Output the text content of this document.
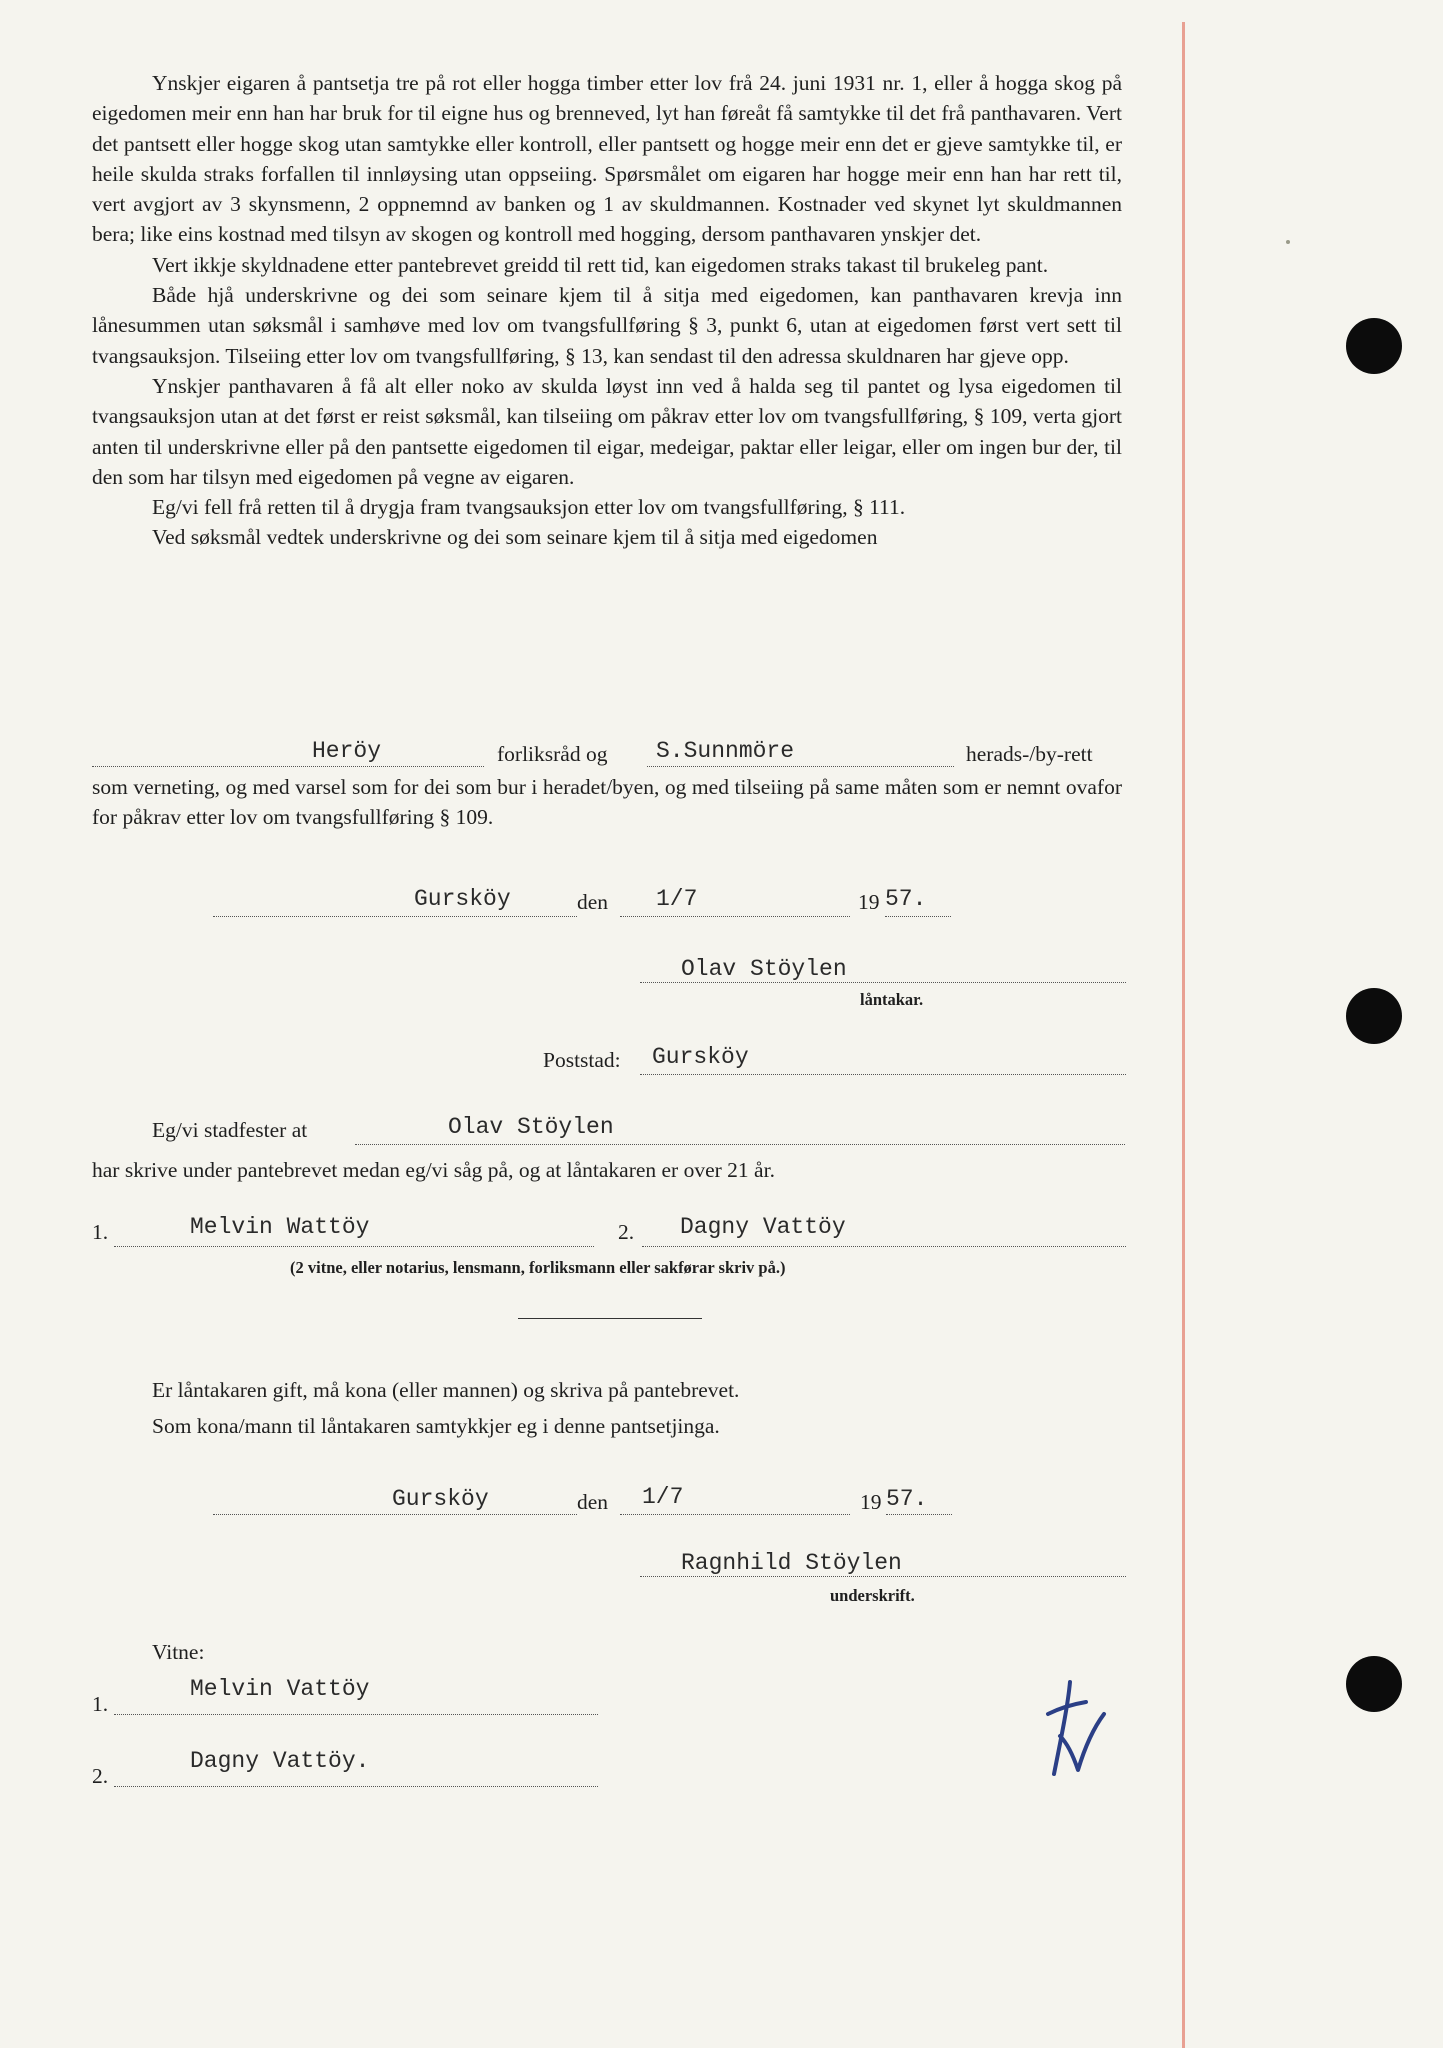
Ynskjer eigaren å pantsetja tre på rot eller hogga timber etter lov frå 24. juni 1931 nr. 1, eller å hogga skog på eigedomen meir enn han har bruk for til eigne hus og brenneved, lyt han føreåt få samtykke til det frå panthavaren. Vert det pantsett eller hogge skog utan samtykke eller kontroll, eller pantsett og hogge meir enn det er gjeve samtykke til, er heile skulda straks forfallen til innløysing utan oppseiing. Spørsmålet om eigaren har hogge meir enn han har rett til, vert avgjort av 3 skynsmenn, 2 oppnemnd av banken og 1 av skuldmannen. Kostnader ved skynet lyt skuldmannen bera; like eins kostnad med tilsyn av skogen og kontroll med hogging, dersom panthavaren ynskjer det.

Vert ikkje skyldnadene etter pantebrevet greidd til rett tid, kan eigedomen straks takast til brukeleg pant.

Både hjå underskrivne og dei som seinare kjem til å sitja med eigedomen, kan panthavaren krevja inn lånesummen utan søksmål i samhøve med lov om tvangsfullføring § 3, punkt 6, utan at eigedomen først vert sett til tvangsauksjon. Tilseiing etter lov om tvangsfullføring, § 13, kan sendast til den adressa skuldnaren har gjeve opp.

Ynskjer panthavaren å få alt eller noko av skulda løyst inn ved å halda seg til pantet og lysa eigedomen til tvangsauksjon utan at det først er reist søksmål, kan tilseiing om påkrav etter lov om tvangsfullføring, § 109, verta gjort anten til underskrivne eller på den pantsette eigedomen til eigar, medeigar, paktar eller leigar, eller om ingen bur der, til den som har tilsyn med eigedomen på vegne av eigaren.

Eg/vi fell frå retten til å drygja fram tvangsauksjon etter lov om tvangsfullføring, § 111.

Ved søksmål vedtek underskrivne og dei som seinare kjem til å sitja med eigedomen

Heröy	forliksråd og S.Sunnmöre	herads-/by-rett
som verneting, og med varsel som for dei som bur i heradet/byen, og med tilseiing på same måten som er nemnt ovafor for påkrav etter lov om tvangsfullføring § 109.
Gursköy	den 1/7	19 57.
Olav Stöylen
låntakar.
Poststad: Gursköy
Eg/vi stadfester at	Olav Stöylen
har skrive under pantebrevet medan eg/vi såg på, og at låntakaren er over 21 år.
1.	Melvin Wattöy	2. Dagny Vattöy
(2 vitne, eller notarius, lensmann, forliksmann eller sakførar skriv på.)
Er låntakaren gift, må kona (eller mannen) og skriva på pantebrevet.
Som kona/mann til låntakaren samtykkjer eg i denne pantsetjinga.
Gursköy	den 1/7	19 57.
Ragnhild Stöylen
underskrift.
Vitne:
1.
Melvin Vattöy
2.
Dagny Vattöy.
